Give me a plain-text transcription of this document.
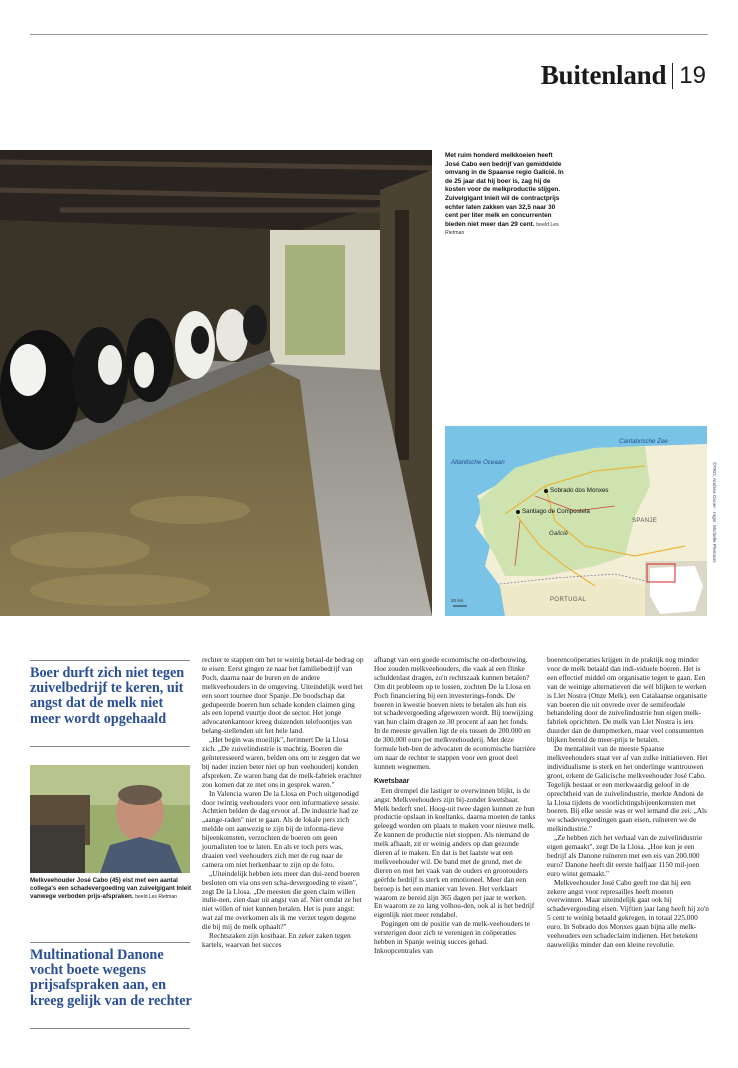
Buitenland 19
Met ruim honderd melkkoeien heeft José Cabo een bedrijf van gemiddelde omvang in de Spaanse regio Galicië. In de 25 jaar dat hij boer is, zag hij de kosten voor de melkproductie stijgen. Zuivelgigant Inleit wil de contractprijs echter laten zakken van 32,5 naar 30 cent per liter melk en concurrenten bieden niet meer dan 29 cent. beeld Les Rietman
Cantabrische Zee
Atlantische Oceaan
Sobrado dos Monxes
Santiago de Compostela
Galicië
SPANJE
PORTUGAL
20 km
©TRO, Andrea Oxner - Ingvi: Michelle Plemans
Boer durft zich niet tegen zuivelbedrijf te keren, uit angst dat de melk niet meer wordt opgehaald
Melkveehouder José Cabo (45) eist met een aantal collega's een schadevergoeding van zuivelgigant Inleit vanwege verboden prijs-afspraken. beeld Les Rietman
Multinational Danone vocht boete wegens prijsafspraken aan, en kreeg gelijk van de rechter

rechter te stappen om het te weinig betaal-de bedrag op te eisen. Eerst gingen ze naar het familiebedrijf van Poch, daarna naar de buren en de andere melkveehouders in de omgeving. Uiteindelijk werd het een soort tournee door Spanje. De boodschap dat gedupeerde boeren hun schade konden claimen ging als een lopend vuurtje door de sector. Het jonge advocatenkantoor kreeg duizenden telefoontjes van belang-stellenden uit het hele land.

„Het begin was moeilijk", herinnert De la Llosa zich. „De zuivelindustrie is machtig. Boeren die geïnteresseerd waren, belden ons om te zeggen dat we bij nader inzien beter niet op hun veehouderij konden afspreken. Ze waren bang dat de melk-fabriek erachter zou komen dat ze met ons in gesprek waren."

In Valencia waren De la Llosa en Poch uitgenodigd door twintig veehouders voor een informatieve sessie. Achttien belden de dag ervoor af. De industrie had ze „aange-raden" niet te gaan. Als de lokale pers zich meldde om aanwezig te zijn bij de informa-tieve bijeenkomsten, verzochten de boeren om geen journalisten toe te laten. En als er toch pers was, draaien veel veehouders zich met de rug naar de camera om niet herkenbaar te zijn op de foto.

„Uiteindelijk hebben iets meer dan dui-zend boeren besloten om via ons een scha-devergoeding te eisen", zegt De la Llosa. „De meesten die geen claim willen indie-nen, zien daar uit angst van af. Niet omdat ze het niet willen of niet kunnen betalen. Het is pure angst: wat zal me overkomen als ik me verzet tegen degene die bij mij de melk ophaalt?"

Rechtszaken zijn kostbaar. En zeker zaken tegen kartels, waarvan het succes

afhangt van een goede economische on-derbouwing. Hoe zouden melkveehouders, die vaak al een flinke schuldenlast dragen, zo'n rechtszaak kunnen betalen? Om dit probleem op te lossen, zochten De la Llosa en Poch financiering bij een investerings-fonds. De boeren in kwestie hoeven niets te betalen als hun eis tot schadevergoeding afgewezen wordt. Bij toewijzing van hun claim dragen ze 30 procent af aan het fonds. In de meeste gevallen ligt de eis tussen de 200.000 en de 300.000 euro per melkveehouderij. Met deze formule heb-ben de advocaten de economische barrière om naar de rechter te stappen voor een groot deel kunnen wegnemen.

Kwetsbaar

Een drempel die lastiger te overwinnen blijkt, is de angst. Melkveehouders zijn bij-zonder kwetsbaar. Melk bederft snel. Hoog-uit twee dagen kunnen ze hun productie opslaan in koeltanks, daarna moeten de tanks geleegd worden om plaats te maken voor nieuwe melk. Ze kunnen de productie niet stoppen. Als niemand de melk afhaalt, zit er weinig anders op dan gezonde dieren af te maken. En dat is het laatste wat een melkveehouder wil. De band met de grond, met de dieren en met het vaak van de ouders en grootouders geërfde bedrijf is sterk en emotioneel. Meer dan een beroep is het een manier van leven. Het verklaart waarom ze bereid zijn 365 dagen per jaar te werken. En waarom ze zo lang volhou-den, ook al is het bedrijf eigenlijk niet meer rendabel.

Pogingen om de positie van de melk-veehouders te versterigen door zich te verenigen in coöperaties hebben in Spanje weinig succes gehad. Inkoopcentrales van

boerencoöperaties krijgen in de praktijk nog minder voor de melk betaald dan indi-viduele boeren. Het is een effectief middel om organisatie tegen te gaan. Een van de weinige alternatieven die wèl blijken te werken is Llet Nostra (Onze Melk), een Catalaanse organisatie van boeren die uit onvrede over de semifeodale behandeling door de zuivelindustrie hun eigen melk-fabriek oprichtten. De melk van Llet Nostra is iets duurder dan de dumpmerken, maar veel consumenten blijken bereid de meer-prijs te betalen.

De mentaliteit van de meeste Spaanse melkveehouders staat ver af van zulke initiatieven. Het individualisme is sterk en het onderlinge wantrouwen groot, erkent de Galicische melkveehouder José Cabo. Tegelijk bestaat er een merkwaardig geloof in de oprechtheid van de zuivelindustrie, merkte Andoni de la Llosa tijdens de voorlichtingsbijeenkomsten met boeren. Bij elke sessie was er wel iemand die zei: „Als we schadevergoedingen gaan eisen, ruïneren we de melkindustrie."

„Ze hebben zich het verhaal van de zuivelindustrie eigen gemaakt", zegt De la Llosa. „Hoe kun je een bedrijf als Danone ruïneren met een eis van 200.000 euro? Danone heeft dit eerste halfjaar 1150 mil-joen euro winst gemaakt."

Melkveehouder José Cabo geeft toe dat hij een zekere angst voor represailles heeft moeten overwinnen. Maar uiteindelijk gaat ook hij schadevergoeding eisen. Vijftien jaar lang heeft hij zo'n 5 cent te weinig betaald gekregen, in totaal 225.000 euro. In Sobrado dos Monxes gaan bijna alle melk-veehouders een schadeclaim indienen. Het betekent nauwelijks minder dan een kleine revolutie.
